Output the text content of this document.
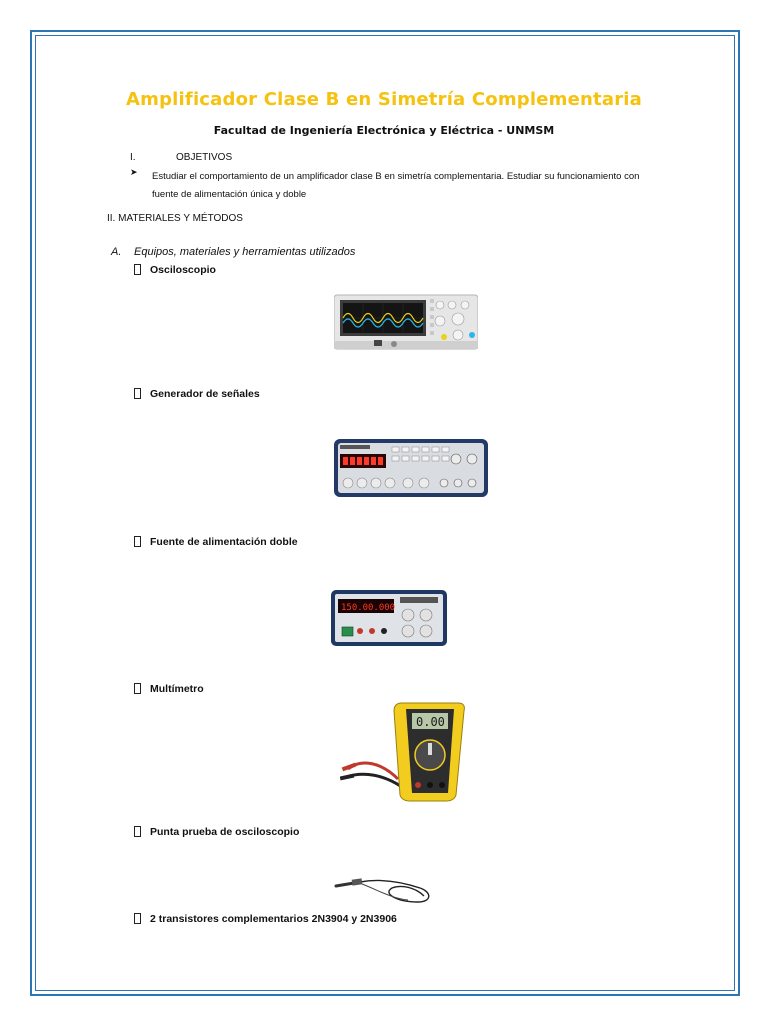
Amplificador Clase B en Simetría Complementaria
Facultad de Ingeniería Electrónica y Eléctrica - UNMSM
I.	OBJETIVOS
➤ Estudiar el comportamiento de un amplificador clase B en simetría complementaria. Estudiar su funcionamiento con fuente de alimentación única y doble
II. MATERIALES Y MÉTODOS
A. Equipos, materiales y herramientas utilizados
Osciloscopio
Generador de señales
Fuente de alimentación doble
150.0 0.000
Multímetro
0.00
Punta prueba de osciloscopio
2 transistores complementarios 2N3904 y 2N3906
